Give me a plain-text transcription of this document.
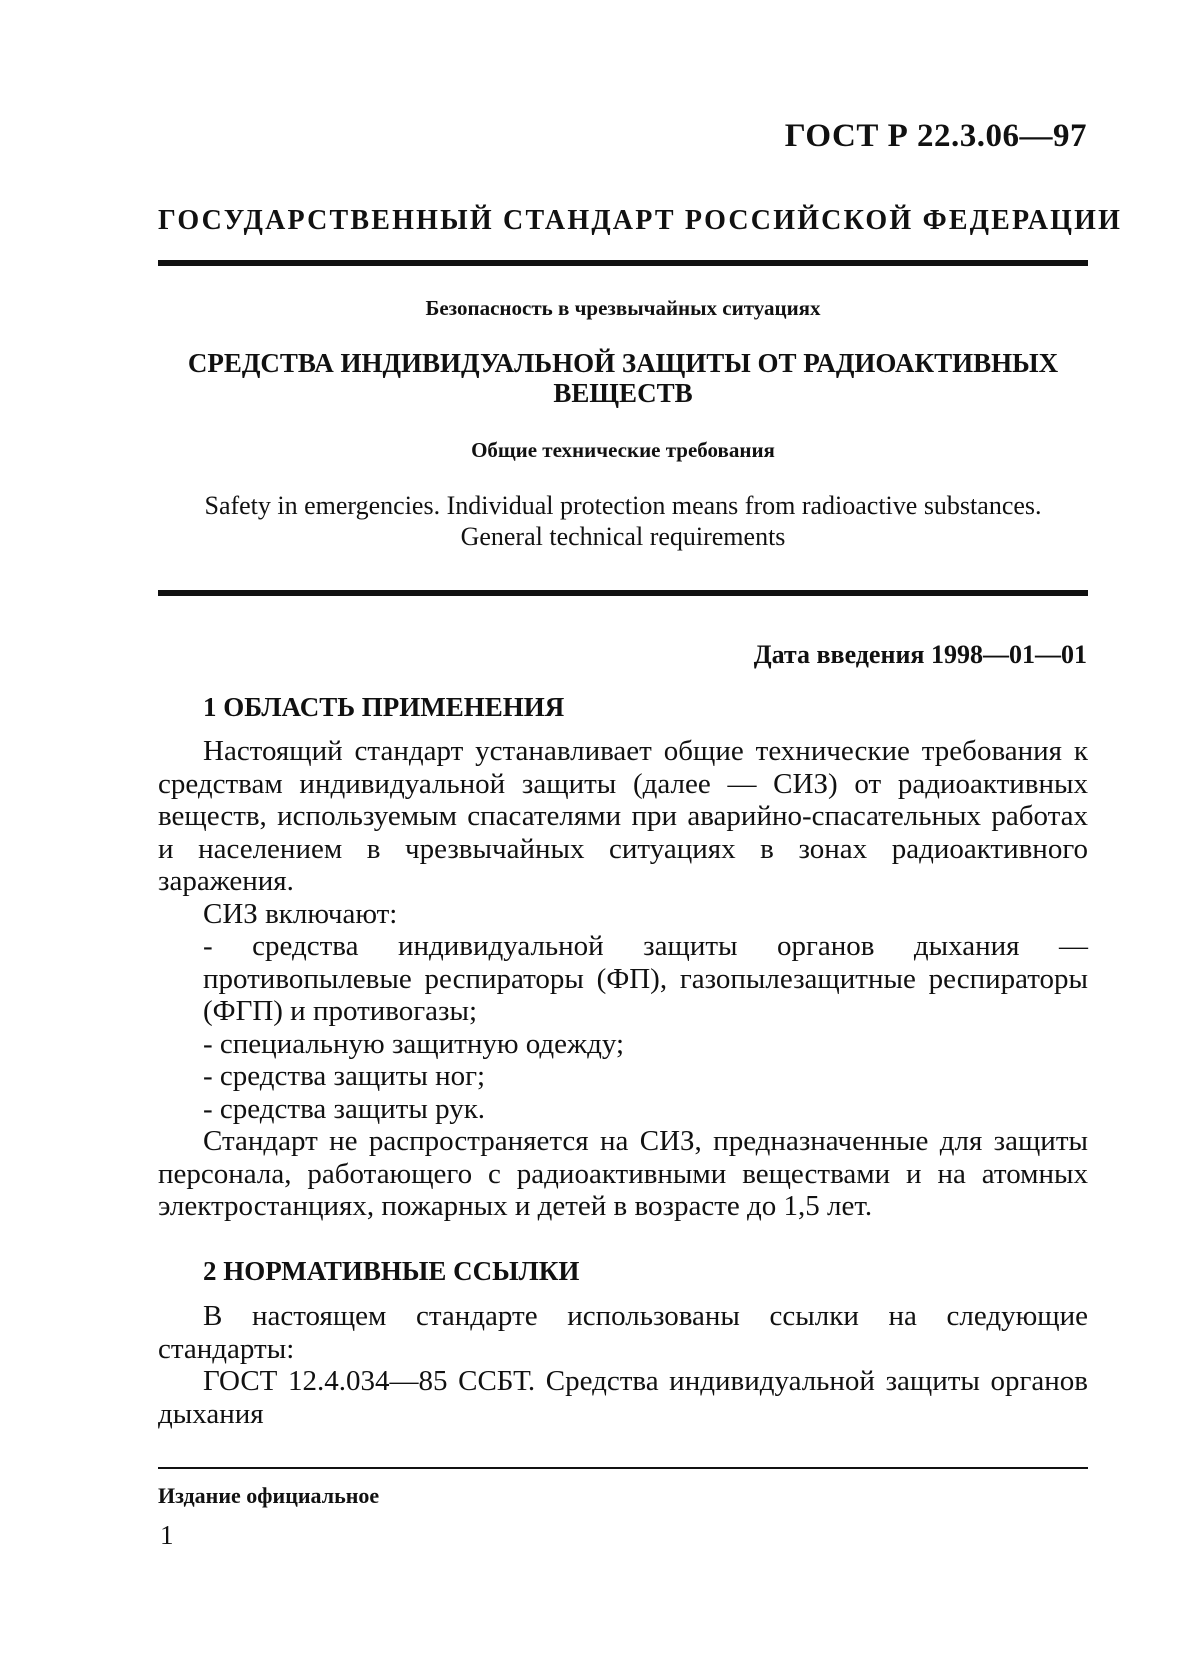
ГОСТ Р 22.3.06—97
ГОСУДАРСТВЕННЫЙ СТАНДАРТ РОССИЙСКОЙ ФЕДЕРАЦИИ
Безопасность в чрезвычайных ситуациях
СРЕДСТВА ИНДИВИДУАЛЬНОЙ ЗАЩИТЫ ОТ РАДИОАКТИВНЫХ
ВЕЩЕСТВ
Общие технические требования
Safety in emergencies. Individual protection means from radioactive substances.
General technical requirements
Дата введения 1998—01—01
1 ОБЛАСТЬ ПРИМЕНЕНИЯ

Настоящий стандарт устанавливает общие технические требования к средствам индивидуальной защиты (далее — СИЗ) от радиоактивных веществ, используемым спасателями при аварийно-спасательных работах и населением в чрезвычайных ситуациях в зонах радиоактивного заражения.

СИЗ включают:

- средства индивидуальной защиты органов дыхания — противопылевые респираторы (ФП), газопылезащитные респираторы (ФГП) и противогазы;

- специальную защитную одежду;

- средства защиты ног;

- средства защиты рук.

Стандарт не распространяется на СИЗ, предназначенные для защиты персонала, работающего с радиоактивными веществами и на атомных электростанциях, пожарных и детей в возрасте до 1,5 лет.

2 НОРМАТИВНЫЕ ССЫЛКИ

В настоящем стандарте использованы ссылки на следующие стандарты:

ГОСТ 12.4.034—85 ССБТ. Средства индивидуальной защиты органов дыхания

Издание официальное
1
